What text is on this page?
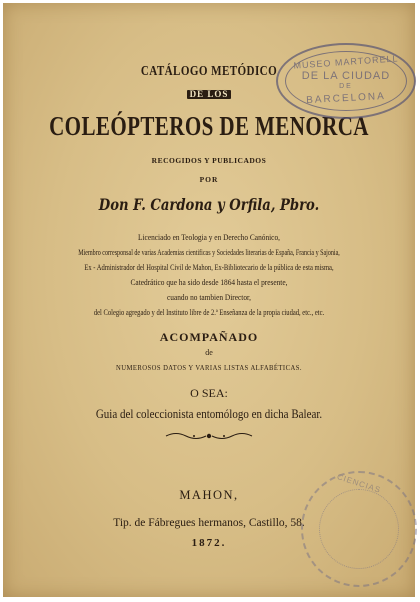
CATÁLOGO METÓDICO
DE LOS
COLEÓPTEROS DE MENORCA
RECOGIDOS Y PUBLICADOS
POR
Don F. Cardona y Orfila, Pbro.
Licenciado en Teologia y en Derecho Canónico,
Miembro corresponsal de varias Academias cientificas y Sociedades literarias de España, Francia y Sajonia,
Ex - Administrador del Hospital Civil de Mahon, Ex-Bibliotecario de la pública de esta misma,
Catedrático que ha sido desde 1864 hasta el presente,
cuando no tambien Director,
del Colegio agregado y del Instituto libre de 2.ª Enseñanza de la propia ciudad, etc., etc.
ACOMPAÑADO
de
NUMEROSOS DATOS Y VARIAS LISTAS ALFABÉTICAS.
O SEA:
Guia del coleccionista entomólogo en dicha Balear.
MAHON,
Tip. de Fábregues hermanos, Castillo, 58.
1872.
MUSEO MARTORELL
DE LA CIUDAD
DE
BARCELONA
CIENCIAS
